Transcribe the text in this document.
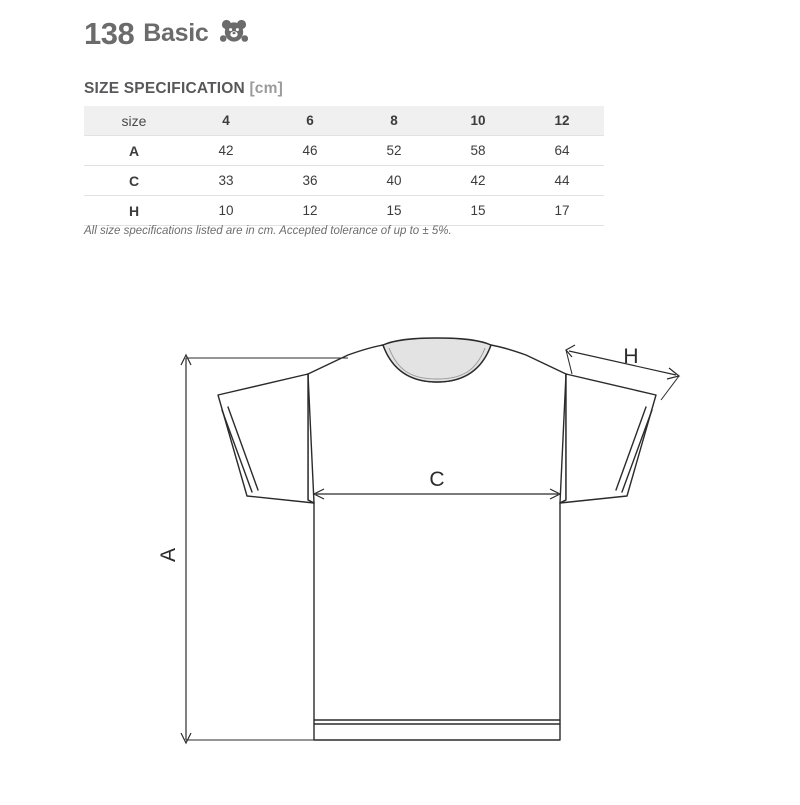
138 Basic
SIZE SPECIFICATION [cm]
size	4	6	8	10	12
A	42	46	52	58	64
C	33	36	40	42	44
H	10	12	15	15	17
All size specifications listed are in cm. Accepted tolerance of up to ± 5%.
A
C
H
